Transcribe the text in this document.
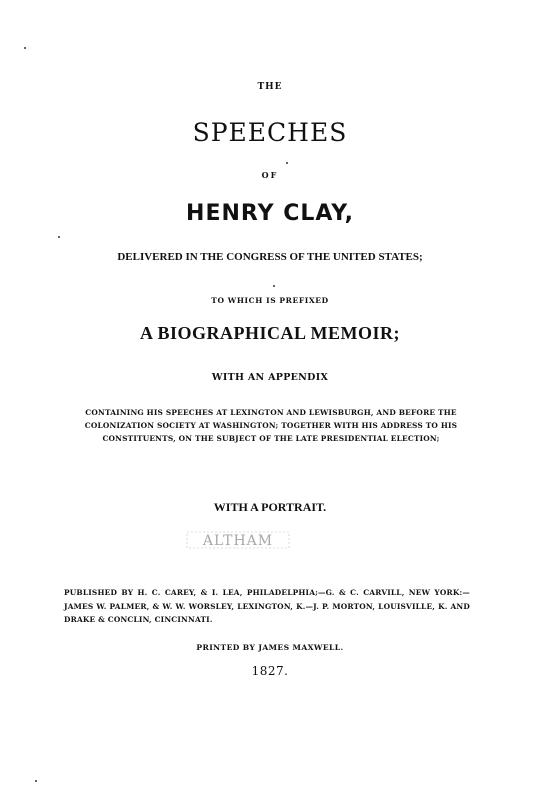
THE

SPEECHES

OF

HENRY CLAY,

DELIVERED IN THE CONGRESS OF THE UNITED STATES;

TO WHICH IS PREFIXED

A BIOGRAPHICAL MEMOIR;

WITH AN APPENDIX

CONTAINING HIS SPEECHES AT LEXINGTON AND LEWISBURGH, AND BEFORE THE COLONIZATION SOCIETY AT WASHINGTON; TOGETHER WITH HIS ADDRESS TO HIS CONSTITUENTS, ON THE SUBJECT OF THE LATE PRESIDENTIAL ELECTION;

WITH A PORTRAIT.

ALTHAM

PUBLISHED BY H. C. CAREY, & I. LEA, PHILADELPHIA;—G. & C. CARVILL, NEW YORK:—JAMES W. PALMER, & W. W. WORSLEY, LEXINGTON, K.—J. P. MORTON, LOUISVILLE, K. AND DRAKE & CONCLIN, CINCINNATI.

PRINTED BY JAMES MAXWELL.

1827.
